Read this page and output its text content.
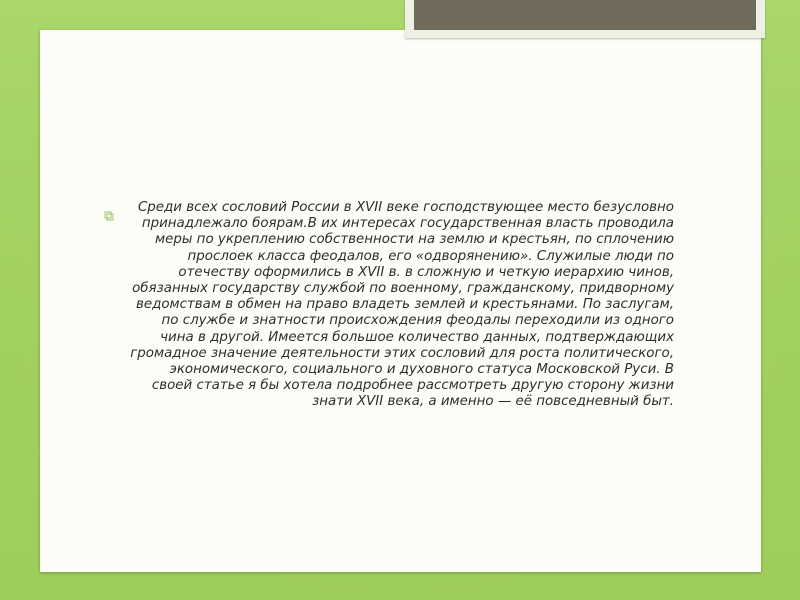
Среди всех сословий России в XVII веке господствующее место безусловно принадлежало боярам.В их интересах государственная власть проводила меры по укреплению собственности на землю и крестьян, по сплочению прослоек класса феодалов, его «одворянению». Служилые люди по отечеству оформились в XVII в. в сложную и четкую иерархию чинов, обязанных государству службой по военному, гражданскому, придворному ведомствам в обмен на право владеть землей и крестьянами. По заслугам, по службе и знатности происхождения феодалы переходили из одного чина в другой. Имеется большое количество данных, подтверждающих громадное значение деятельности этих сословий для роста политического, экономического, социального и духовного статуса Московской Руси. В своей статье я бы хотела подробнее рассмотреть другую сторону жизни знати XVII века, а именно — её повседневный быт.
